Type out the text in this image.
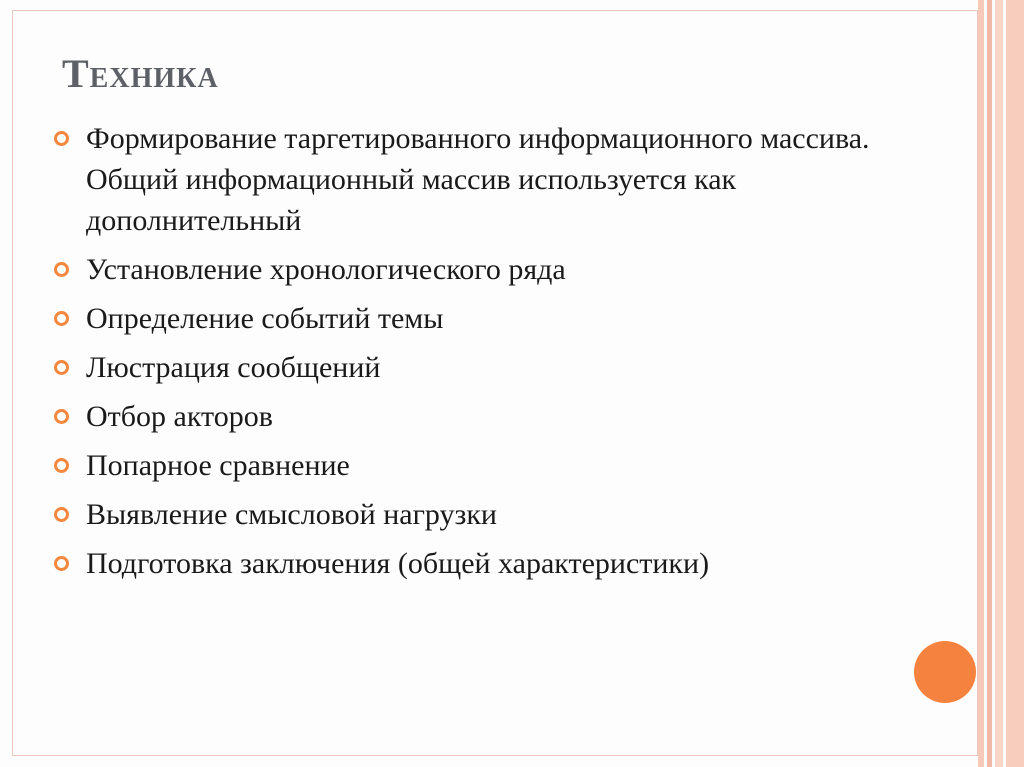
Техника
Формирование таргетированного информационного массива. Общий информационный массив используется как дополнительный
Установление хронологического ряда
Определение событий темы
Люстрация сообщений
Отбор акторов
Попарное сравнение
Выявление смысловой нагрузки
Подготовка заключения (общей характеристики)
